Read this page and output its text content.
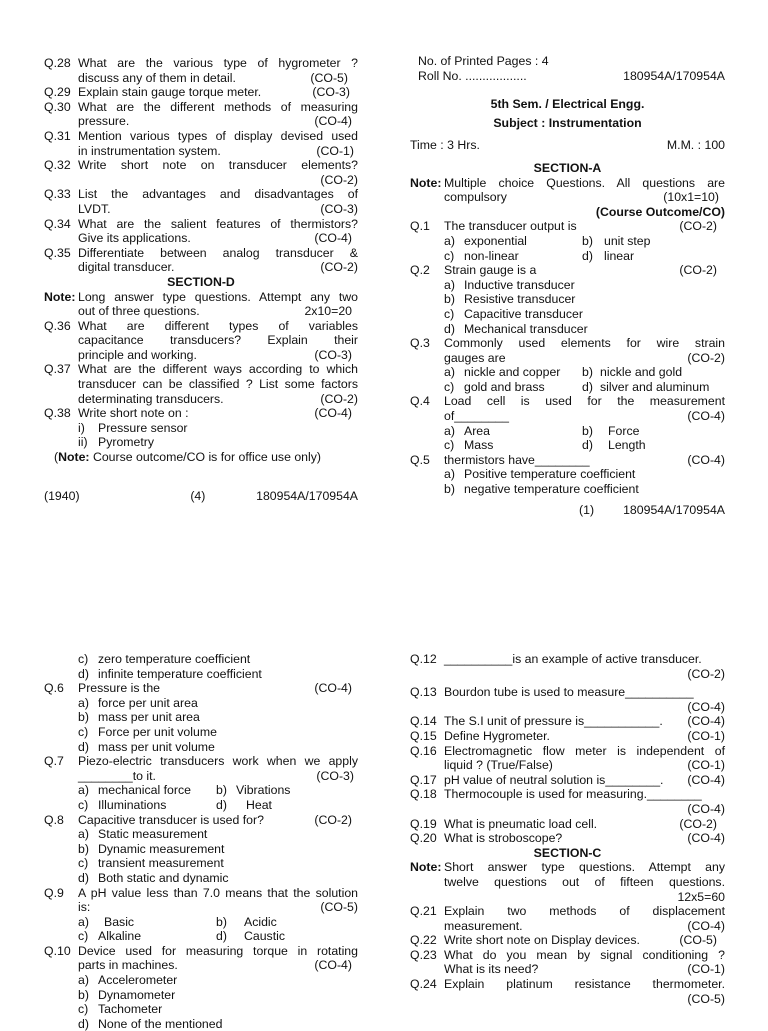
Q.28 What are the various type of hygrometer ?
discuss any of them in detail.	(CO-5)
Q.29 Explain stain gauge torque meter.	(CO-3)
Q.30 What are the different methods of measuring
pressure.	(CO-4)
Q.31 Mention various types of display devised used
in instrumentation system.	(CO-1)
Q.32 Write short note on transducer elements?
(CO-2)
Q.33 List the advantages and disadvantages of
LVDT.	(CO-3)
Q.34 What are the salient features of thermistors?
Give its applications.	(CO-4)
Q.35 Differentiate between analog transducer &
digital transducer.	(CO-2)
SECTION-D
Note: Long answer type questions. Attempt any two
out of three questions.	2x10=20
Q.36 What are different types of variables
capacitance transducers? Explain their
principle and working.	(CO-3)
Q.37 What are the different ways according to which
transducer can be classified ? List some factors
determinating transducers.	(CO-2)
Q.38 Write short note on :	(CO-4)
i) Pressure sensor
ii) Pyrometry
(Note: Course outcome/CO is for office use only)
(1940)	(4)	180954A/170954A
No. of Printed Pages : 4
Roll No. ..................	180954A/170954A
5th Sem. / Electrical Engg.
Subject : Instrumentation
Time : 3 Hrs.	M.M. : 100
SECTION-A
Note: Multiple choice Questions. All questions are
compulsory	(10x1=10)
(Course Outcome/CO)
Q.1 The transducer output is	(CO-2)
a) exponential	b) unit step
c) non-linear	d) linear
Q.2 Strain gauge is a	(CO-2)
a) Inductive transducer
b) Resistive transducer
c) Capacitive transducer
d) Mechanical transducer
Q.3 Commonly used elements for wire strain
gauges are	(CO-2)
a) nickle and copper	b) nickle and gold
c) gold and brass	d) silver and aluminum
Q.4 Load cell is used for the measurement
of________	(CO-4)
a) Area	b) Force
c) Mass	d) Length
Q.5 thermistors have________	(CO-4)
a) Positive temperature coefficient
b) negative temperature coefficient
(1) 180954A/170954A
c) zero temperature coefficient
d) infinite temperature coefficient
Q.6 Pressure is the	(CO-4)
a) force per unit area
b) mass per unit area
c) Force per unit volume
d) mass per unit volume
Q.7 Piezo-electric transducers work when we apply
________to it.	(CO-3)
a) mechanical force	b) Vibrations
c) Illuminations	d) Heat
Q.8 Capacitive transducer is used for?	(CO-2)
a) Static measurement
b) Dynamic measurement
c) transient measurement
d) Both static and dynamic
Q.9 A pH value less than 7.0 means that the solution
is:	(CO-5)
a) Basic	b) Acidic
c) Alkaline	d) Caustic
Q.10 Device used for measuring torque in rotating
parts in machines.	(CO-4)
a) Accelerometer
b) Dynamometer
c) Tachometer
d) None of the mentioned
Q.12 __________is an example of active transducer.
(CO-2)
Q.13 Bourdon tube is used to measure__________
(CO-4)
Q.14 The S.I unit of pressure is___________. (CO-4)
Q.15 Define Hygrometer.	(CO-1)
Q.16 Electromagnetic flow meter is independent of
liquid ? (True/False)	(CO-1)
Q.17 pH value of neutral solution is________. (CO-4)
Q.18 Thermocouple is used for measuring.________
(CO-4)
Q.19 What is pneumatic load cell.	(CO-2)
Q.20 What is stroboscope?	(CO-4)
SECTION-C
Note: Short answer type questions. Attempt any
twelve questions out of fifteen questions.
12x5=60
Q.21 Explain two methods of displacement
measurement.	(CO-4)
Q.22 Write short note on Display devices.	(CO-5)
Q.23 What do you mean by signal conditioning ?
What is its need?	(CO-1)
Q.24 Explain platinum resistance thermometer.
(CO-5)
